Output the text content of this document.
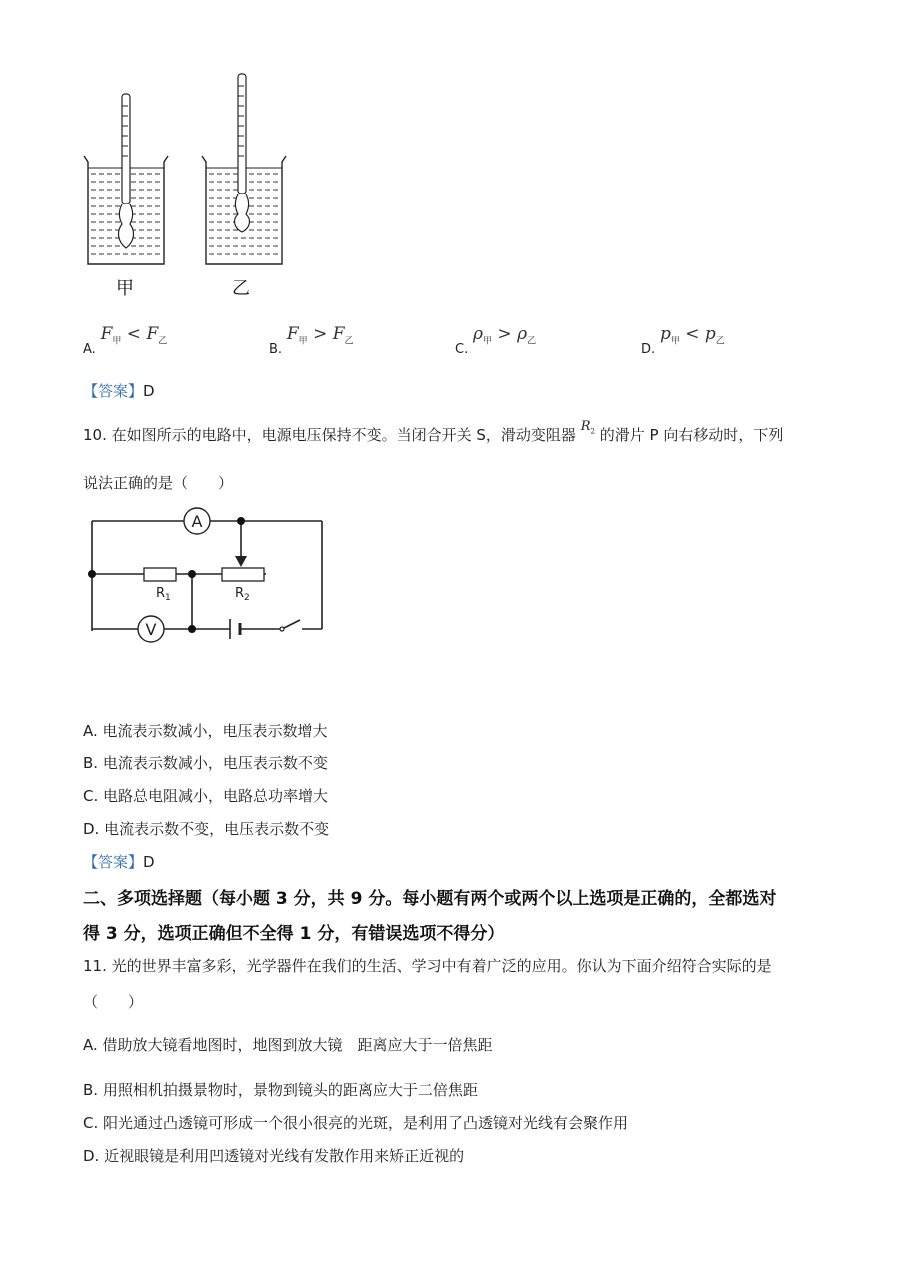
甲	乙
A. $F_甲 < F_乙$
B. $F_甲 > F_乙$
C. $\rho_甲 > \rho_乙$
D. $p_甲 < p_乙$
【答案】D
10. 在如图所示的电路中，电源电压保持不变。当闭合开关 S，滑动变阻器 $R_2$ 的滑片 P 向右移动时，下列
说法正确的是（　　）
A
V
$R_1$	$R_2$
A. 电流表示数减小，电压表示数增大
B. 电流表示数减小，电压表示数不变
C. 电路总电阻减小，电路总功率增大
D. 电流表示数不变，电压表示数不变
【答案】D
二、多项选择题（每小题 3 分，共 9 分。每小题有两个或两个以上选项是正确的，全都选对
得 3 分，选项正确但不全得 1 分，有错误选项不得分）
11. 光的世界丰富多彩，光学器件在我们的生活、学习中有着广泛的应用。你认为下面介绍符合实际的是
（　　）
A. 借助放大镜看地图时，地图到放大镜　距离应大于一倍焦距
B. 用照相机拍摄景物时，景物到镜头的距离应大于二倍焦距
C. 阳光通过凸透镜可形成一个很小很亮的光斑，是利用了凸透镜对光线有会聚作用
D. 近视眼镜是利用凹透镜对光线有发散作用来矫正近视的
